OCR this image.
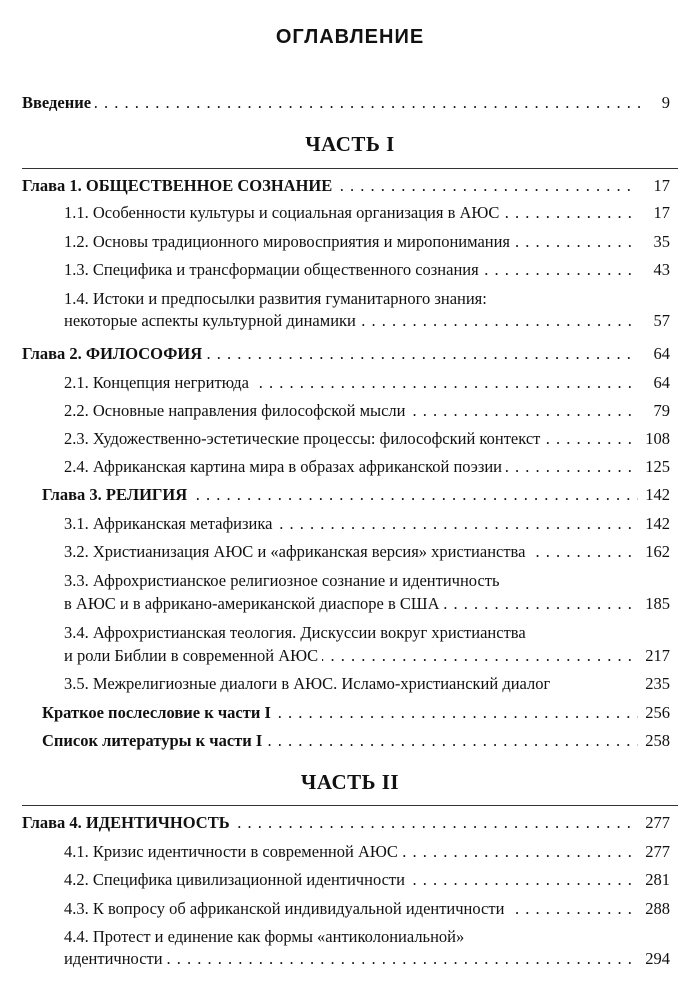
ОГЛАВЛЕНИЕ
Введение . . .	9
ЧАСТЬ I
Глава 1. ОБЩЕСТВЕННОЕ СОЗНАНИЕ . . .	17
1.1. Особенности культуры и социальная организация в АЮС . . .	17
1.2. Основы традиционного мировосприятия и миропонимания . . .	35
1.3. Специфика и трансформации общественного сознания . . .	43
1.4. Истоки и предпосылки развития гуманитарного знания:
некоторые аспекты культурной динамики . . .	57
Глава 2. ФИЛОСОФИЯ . . .	64
2.1. Концепция негритюда . . .	64
2.2. Основные направления философской мысли . . .	79
2.3. Художественно-эстетические процессы: философский контекст . . .	108
2.4. Африканская картина мира в образах африканской поэзии . . .	125
Глава 3. РЕЛИГИЯ . . .	142
3.1. Африканская метафизика . . .	142
3.2. Христианизация АЮС и «африканская версия» христианства . . .	162
3.3. Афрохристианское религиозное сознание и идентичность
в АЮС и в африкано-американской диаспоре в США . . .	185
3.4. Афрохристианская теология. Дискуссии вокруг христианства
и роли Библии в современной АЮС . . .	217
3.5. Межрелигиозные диалоги в АЮС. Исламо-христианский диалог	235
Краткое послесловие к части I . . .	256
Список литературы к части I . . .	258
ЧАСТЬ II
Глава 4. ИДЕНТИЧНОСТЬ . . .	277
4.1. Кризис идентичности в современной АЮС . . .	277
4.2. Специфика цивилизационной идентичности . . .	281
4.3. К вопросу об африканской индивидуальной идентичности . . .	288
4.4. Протест и единение как формы «антиколониальной»
идентичности . . .	294
